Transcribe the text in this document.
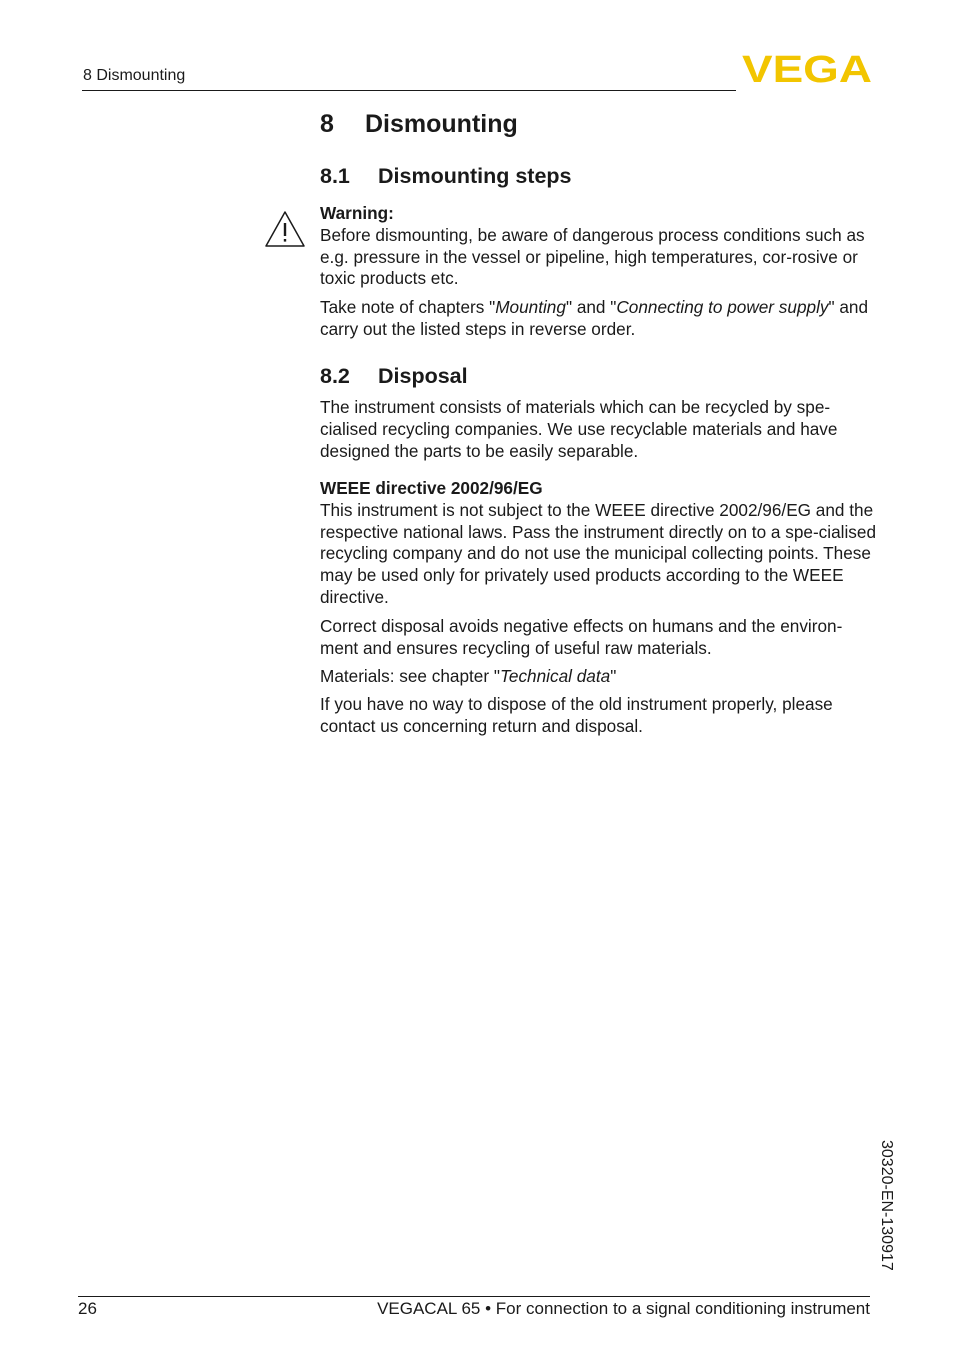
8 Dismounting	VEGA
8 Dismounting
8.1 Dismounting steps
Warning:
Before dismounting, be aware of dangerous process conditions such as e.g. pressure in the vessel or pipeline, high temperatures, cor-rosive or toxic products etc.

Take note of chapters "Mounting" and "Connecting to power supply" and carry out the listed steps in reverse order.

8.2 Disposal

The instrument consists of materials which can be recycled by spe-cialised recycling companies. We use recyclable materials and have designed the parts to be easily separable.

WEEE directive 2002/96/EG
This instrument is not subject to the WEEE directive 2002/96/EG and the respective national laws. Pass the instrument directly on to a spe-cialised recycling company and do not use the municipal collecting points. These may be used only for privately used products according to the WEEE directive.

Correct disposal avoids negative effects on humans and the environ-ment and ensures recycling of useful raw materials.

Materials: see chapter "Technical data"

If you have no way to dispose of the old instrument properly, please contact us concerning return and disposal.

30320-EN-130917
26	VEGACAL 65 • For connection to a signal conditioning instrument
